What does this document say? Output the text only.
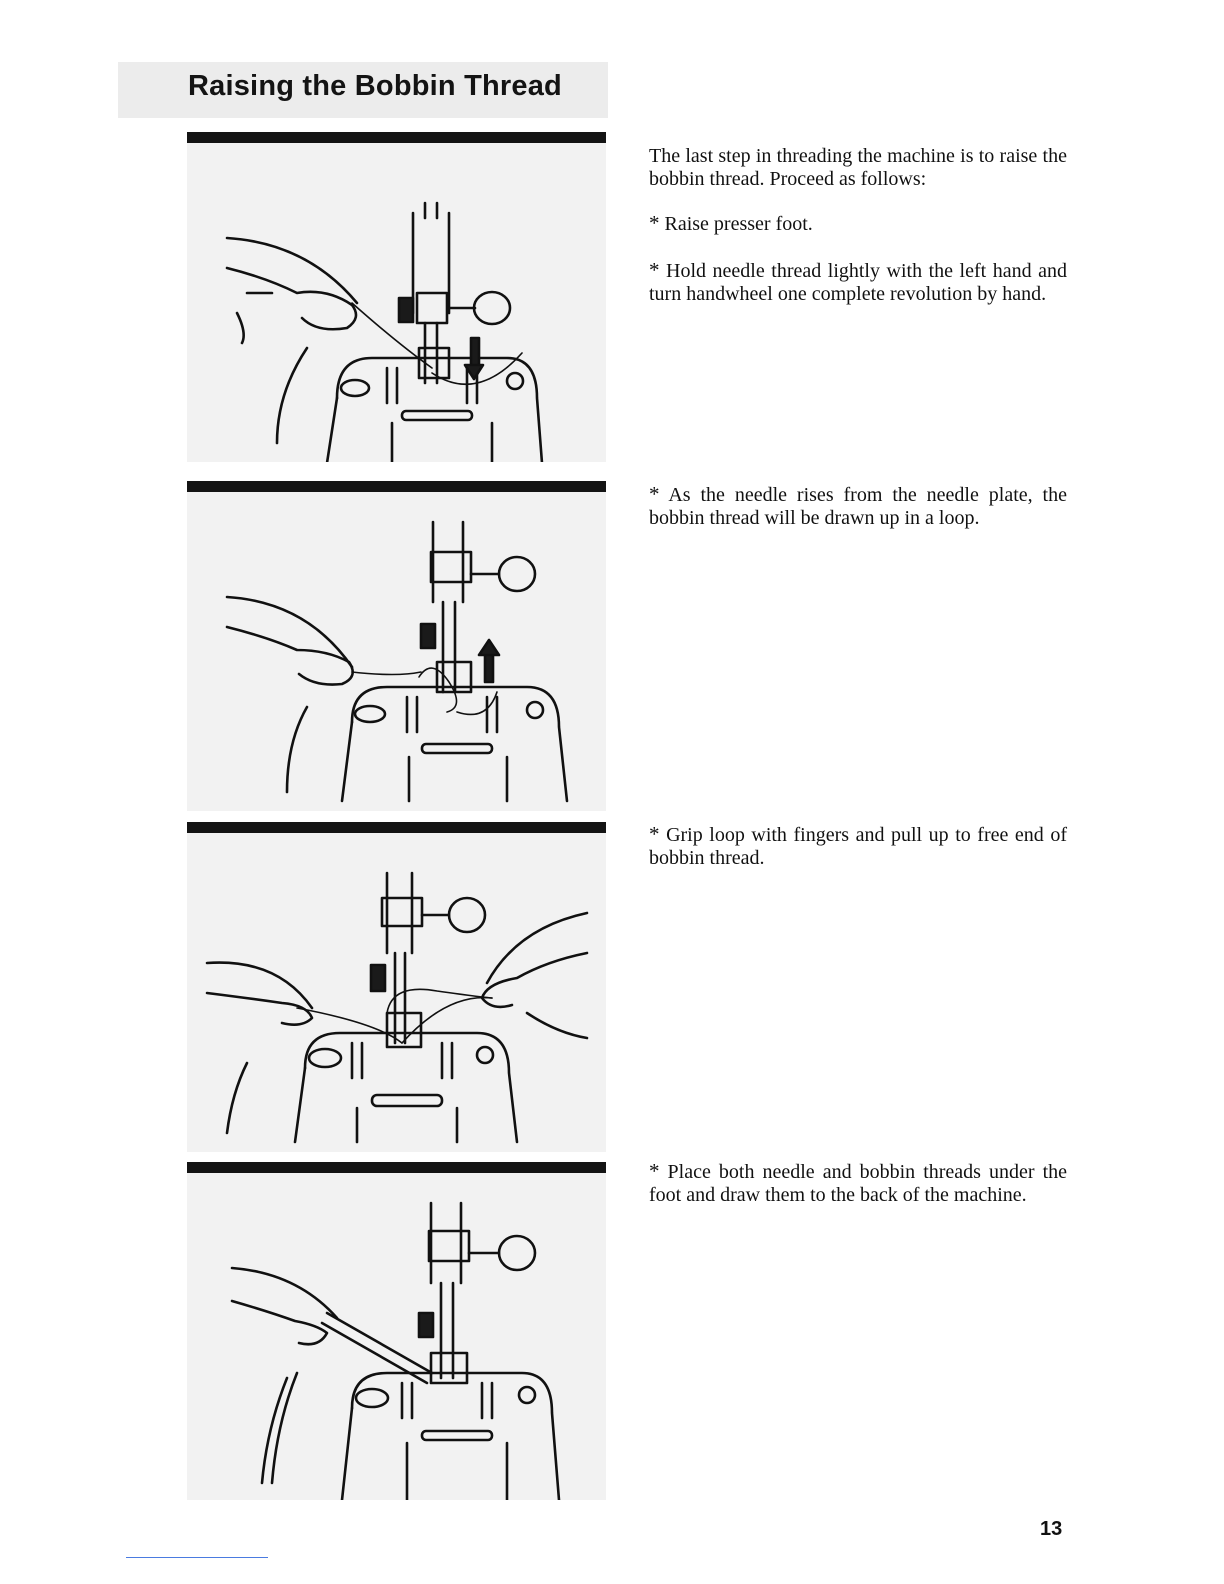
Raising the Bobbin Thread

The last step in threading the machine is to raise the bobbin thread. Proceed as follows:

* Raise presser foot.

* Hold needle thread lightly with the left hand and turn handwheel one complete revolution by hand.

* As the needle rises from the needle plate, the bobbin thread will be drawn up in a loop.

* Grip loop with fingers and pull up to free end of bobbin thread.

* Place both needle and bobbin threads under the foot and draw them to the back of the machine.

13
